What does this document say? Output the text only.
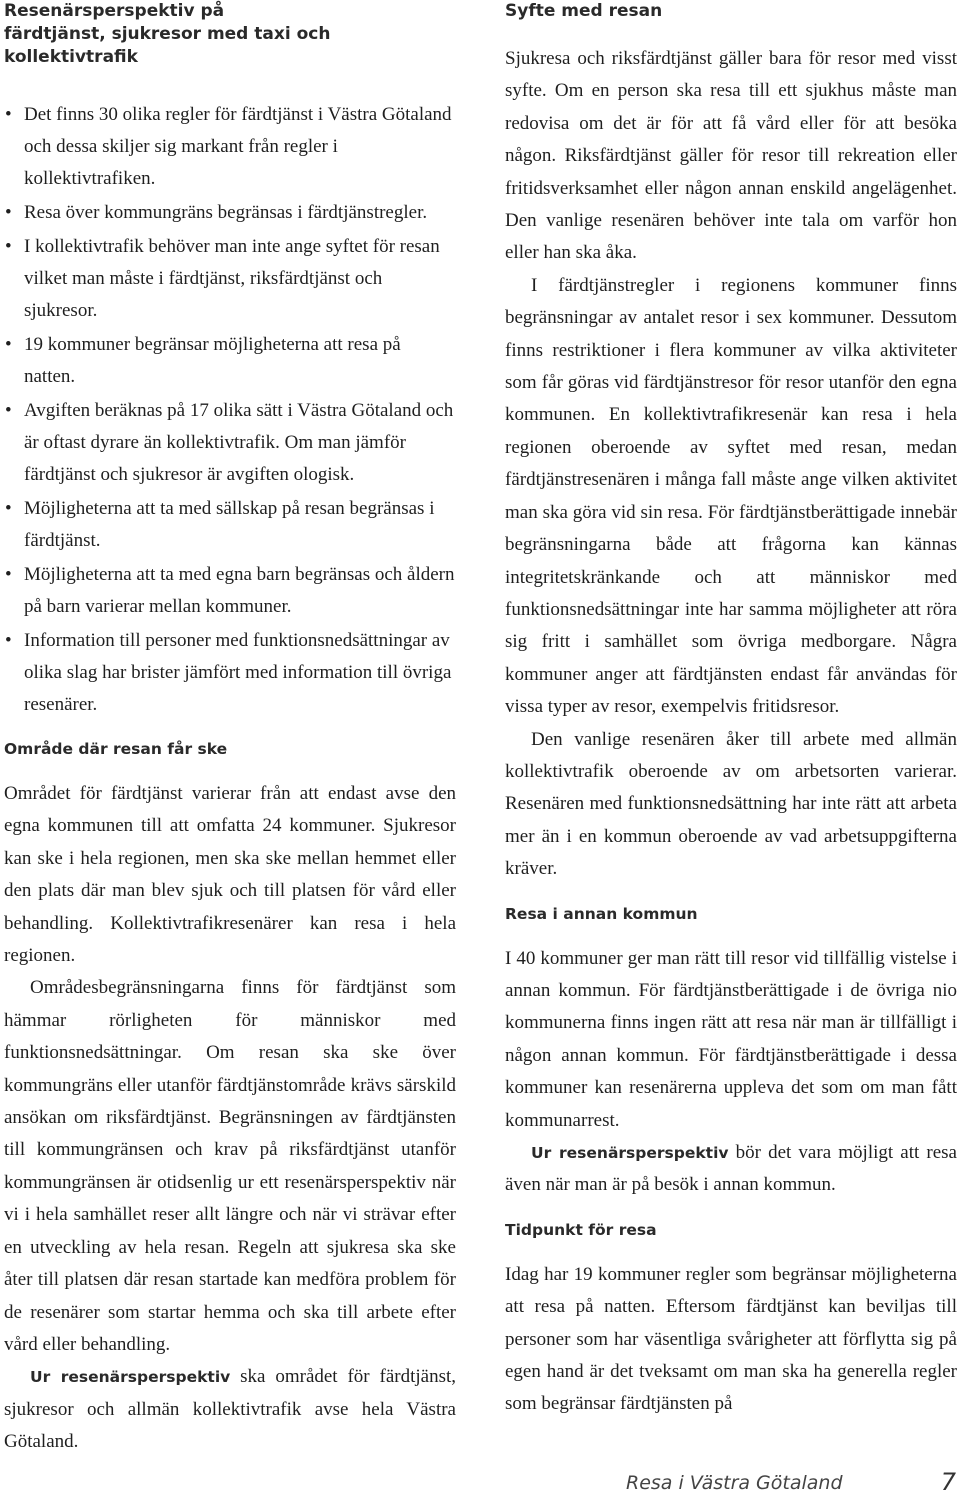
Resenärsperspektiv på
färdtjänst, sjukresor med taxi och kollektivtrafik
• Det finns 30 olika regler för färdtjänst i Västra Götaland och dessa skiljer sig markant från regler i kollektivtrafiken.
• Resa över kommungräns begränsas i färdtjänstregler.
• I kollektivtrafik behöver man inte ange syftet för resan vilket man måste i färdtjänst, riksfärdtjänst och sjukresor.
• 19 kommuner begränsar möjligheterna att resa på natten.
• Avgiften beräknas på 17 olika sätt i Västra Götaland och är oftast dyrare än kollektivtrafik. Om man jämför färdtjänst och sjukresor är avgiften ologisk.
• Möjligheterna att ta med sällskap på resan begränsas i färdtjänst.
• Möjligheterna att ta med egna barn begränsas och åldern på barn varierar mellan kommuner.
• Information till personer med funktionsnedsättningar av olika slag har brister jämfört med information till övriga resenärer.
Område där resan får ske

Området för färdtjänst varierar från att endast avse den egna kommunen till att omfatta 24 kommuner. Sjukresor kan ske i hela regionen, men ska ske mellan hemmet eller den plats där man blev sjuk och till platsen för vård eller behandling. Kollektivtrafikresenärer kan resa i hela regionen.

Områdesbegränsningarna finns för färdtjänst som hämmar rörligheten för människor med funktionsnedsättningar. Om resan ska ske över kommungräns eller utanför färdtjänstområde krävs särskild ansökan om riksfärdtjänst. Begränsningen av färdtjänsten till kommungränsen och krav på riksfärdtjänst utanför kommungränsen är otidsenlig ur ett resenärsperspektiv när vi i hela samhället reser allt längre och när vi strävar efter en utveckling av hela resan. Regeln att sjukresa ska ske åter till platsen där resan startade kan medföra problem för de resenärer som startar hemma och ska till arbete efter vård eller behandling.

Ur resenärsperspektiv ska området för färdtjänst, sjukresor och allmän kollektivtrafik avse hela Västra Götaland.

Syfte med resan

Sjukresa och riksfärdtjänst gäller bara för resor med visst syfte. Om en person ska resa till ett sjukhus måste man redovisa om det är för att få vård eller för att besöka någon. Riksfärdtjänst gäller för resor till rekreation eller fritidsverksamhet eller någon annan enskild angelägenhet. Den vanlige resenären behöver inte tala om varför hon eller han ska åka.

I färdtjänstregler i regionens kommuner finns begränsningar av antalet resor i sex kommuner. Dessutom finns restriktioner i flera kommuner av vilka aktiviteter som får göras vid färdtjänstresor för resor utanför den egna kommunen. En kollektivtrafikresenär kan resa i hela regionen oberoende av syftet med resan, medan färdtjänstresenären i många fall måste ange vilken aktivitet man ska göra vid sin resa. För färdtjänstberättigade innebär begränsningarna både att frågorna kan kännas integritetskränkande och att människor med funktionsnedsättningar inte har samma möjligheter att röra sig fritt i samhället som övriga medborgare. Några kommuner anger att färdtjänsten endast får användas för vissa typer av resor, exempelvis fritidsresor.

Den vanlige resenären åker till arbete med allmän kollektivtrafik oberoende av om arbetsorten varierar. Resenären med funktionsnedsättning har inte rätt att arbeta mer än i en kommun oberoende av vad arbetsuppgifterna kräver.

Resa i annan kommun

I 40 kommuner ger man rätt till resor vid tillfällig vistelse i annan kommun. För färdtjänstberättigade i de övriga nio kommunerna finns ingen rätt att resa när man är tillfälligt i någon annan kommun. För färdtjänstberättigade i dessa kommuner kan resenärerna uppleva det som om man fått kommunarrest.

Ur resenärsperspektiv bör det vara möjligt att resa även när man är på besök i annan kommun.

Tidpunkt för resa

Idag har 19 kommuner regler som begränsar möjligheterna att resa på natten. Eftersom färdtjänst kan beviljas till personer som har väsentliga svårigheter att förflytta sig på egen hand är det tveksamt om man ska ha generella regler som begränsar färdtjänsten på

Resa i Västra Götaland	7
